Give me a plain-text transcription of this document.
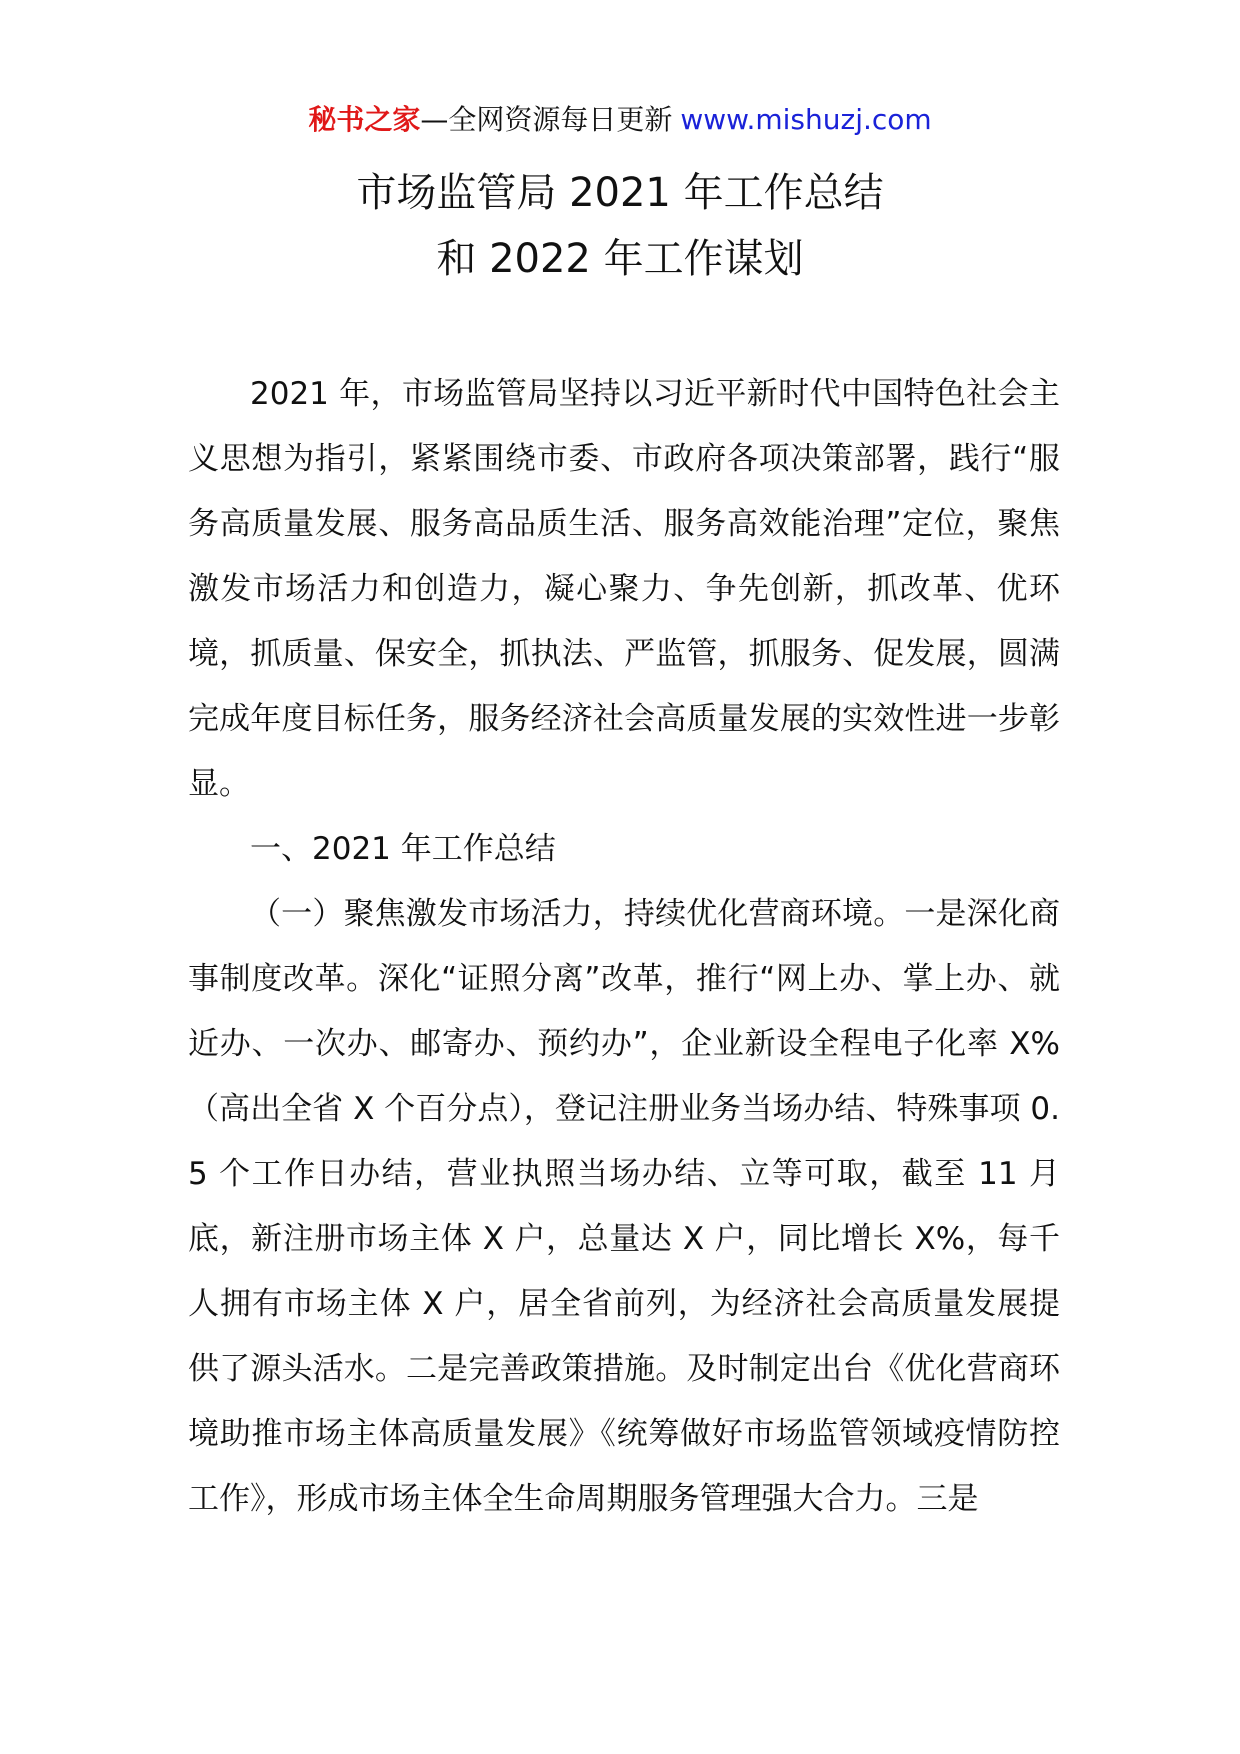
秘书之家—全网资源每日更新 www.mishuzj.com
市场监管局 2021 年工作总结
和 2022 年工作谋划

2021 年，市场监管局坚持以习近平新时代中国特色社会主义思想为指引，紧紧围绕市委、市政府各项决策部署，践行“服务高质量发展、服务高品质生活、服务高效能治理”定位，聚焦激发市场活力和创造力，凝心聚力、争先创新，抓改革、优环境，抓质量、保安全，抓执法、严监管，抓服务、促发展，圆满完成年度目标任务，服务经济社会高质量发展的实效性进一步彰显。

一、2021 年工作总结

（一）聚焦激发市场活力，持续优化营商环境。一是深化商事制度改革。深化“证照分离”改革，推行“网上办、掌上办、就近办、一次办、邮寄办、预约办”，企业新设全程电子化率 X%（高出全省 X 个百分点），登记注册业务当场办结、特殊事项 0.5 个工作日办结，营业执照当场办结、立等可取，截至 11 月底，新注册市场主体 X 户，总量达 X 户，同比增长 X%，每千人拥有市场主体 X 户，居全省前列，为经济社会高质量发展提供了源头活水。二是完善政策措施。及时制定出台《优化营商环境助推市场主体高质量发展》《统筹做好市场监管领域疫情防控工作》，形成市场主体全生命周期服务管理强大合力。三是
